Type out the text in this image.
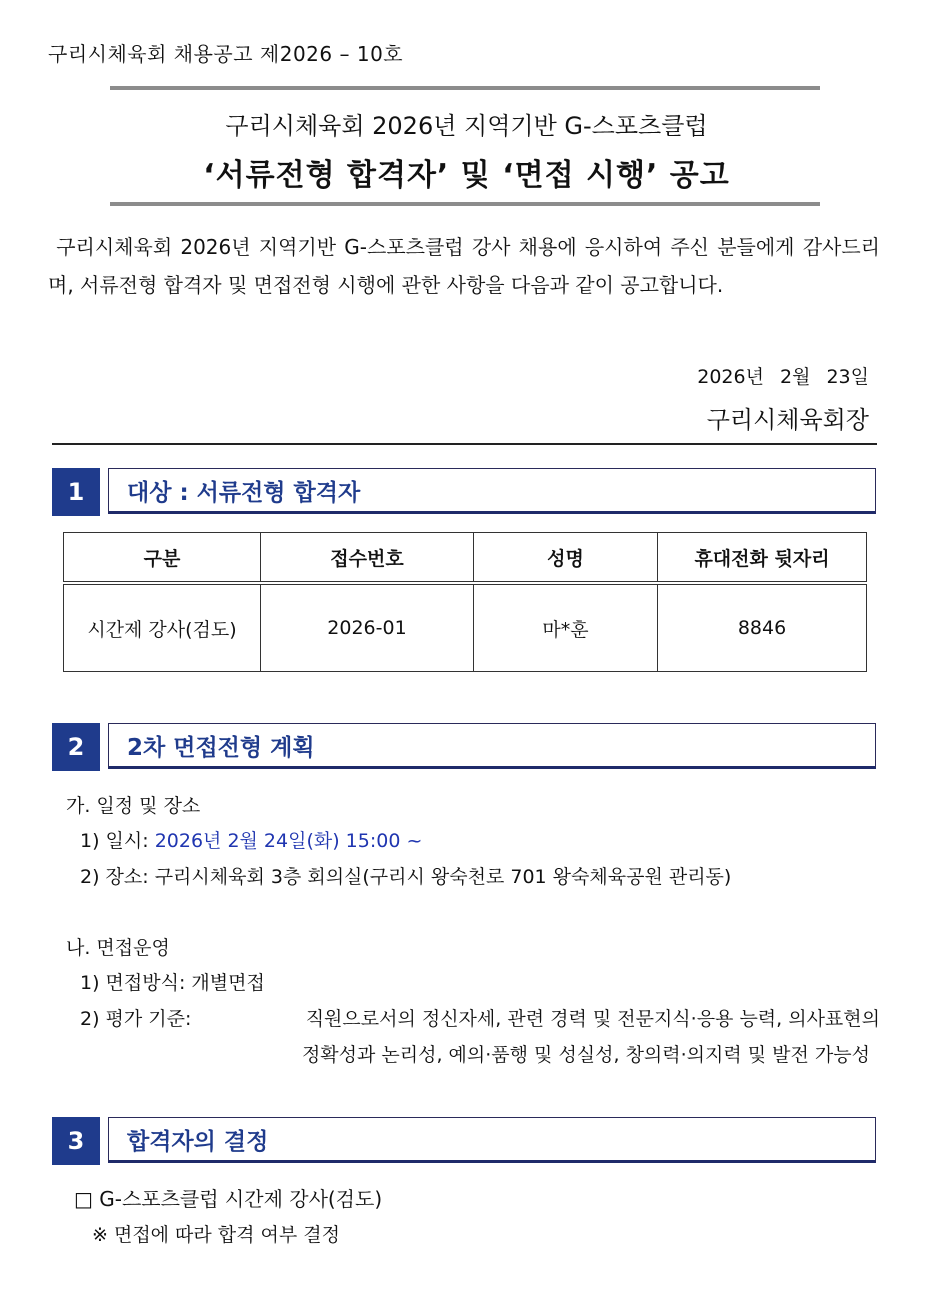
구리시체육회 채용공고 제2026 – 10호
구리시체육회 2026년 지역기반 G-스포츠클럽
‘서류전형 합격자’ 및 ‘면접 시행’ 공고
구리시체육회 2026년 지역기반 G-스포츠클럽 강사 채용에 응시하여 주신 분들에게 감사드리며, 서류전형 합격자 및 면접전형 시행에 관한 사항을 다음과 같이 공고합니다.
2026년 2월 23일
구리시체육회장
1	대상 : 서류전형 합격자
구분	접수번호	성명	휴대전화 뒷자리
시간제 강사(검도)	2026-01	마*훈	8846
2	2차 면접전형 계획
가. 일정 및 장소
1) 일시: 2026년 2월 24일(화) 15:00 ~
2) 장소: 구리시체육회 3층 회의실(구리시 왕숙천로 701 왕숙체육공원 관리동)
나. 면접운영
1) 면접방식: 개별면접
2) 평가 기준:	직원으로서의 정신자세, 관련 경력 및 전문지식·응용 능력, 의사표현의
정확성과 논리성, 예의·품행 및 성실성, 창의력·의지력 및 발전 가능성
3	합격자의 결정
□ G-스포츠클럽 시간제 강사(검도)
※ 면접에 따라 합격 여부 결정
